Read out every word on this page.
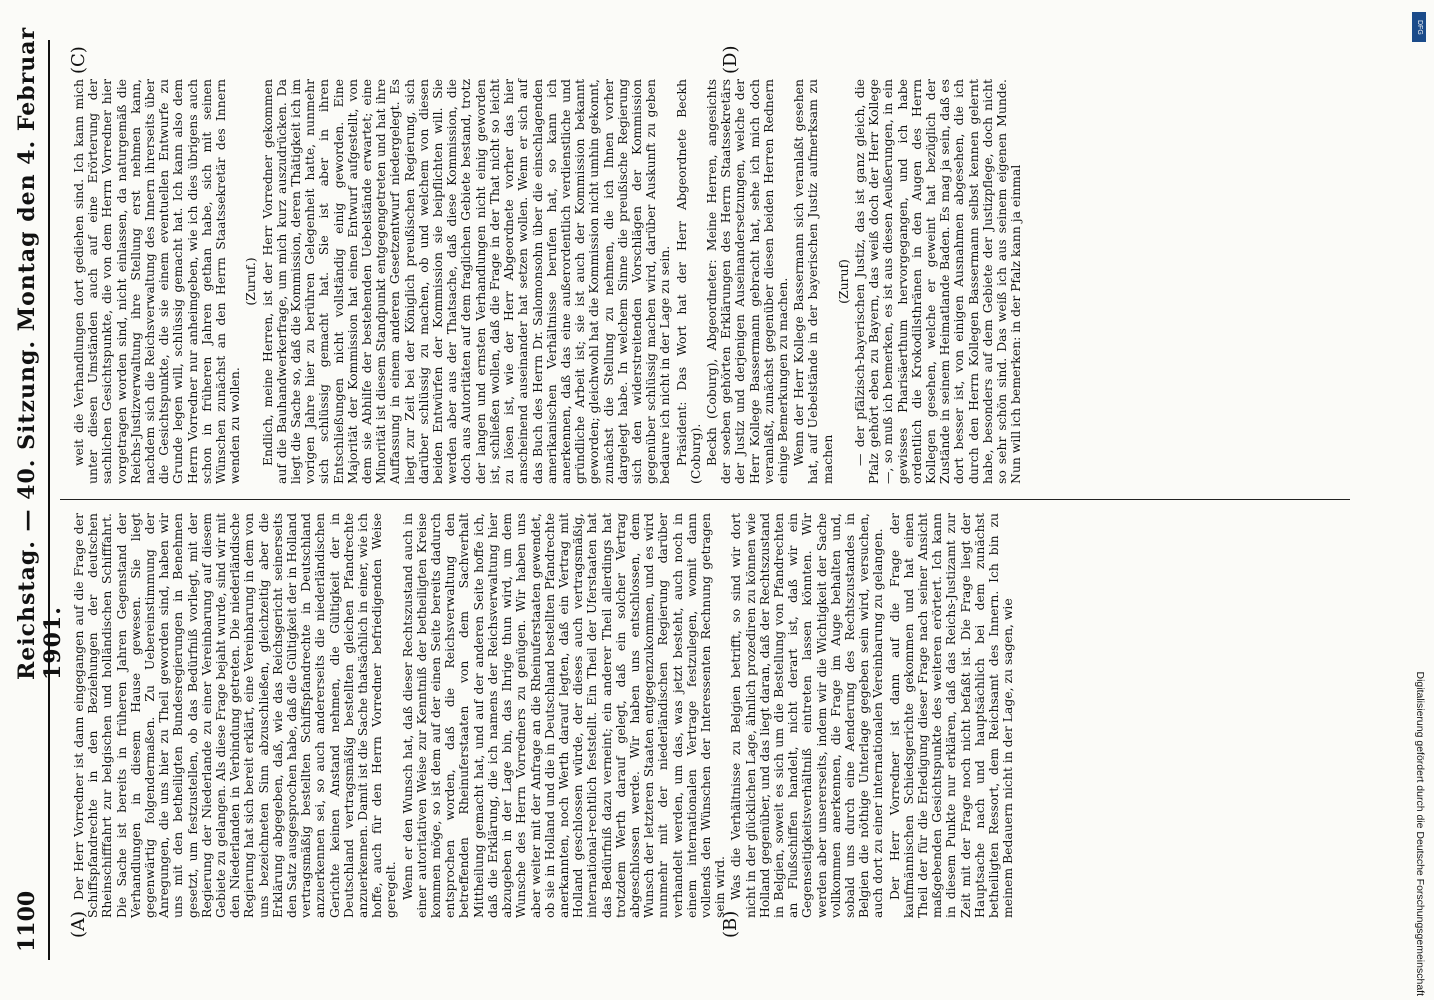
1100
Reichstag. — 40. Sitzung. Montag den 4. Februar 1901.
(A)	(B)
(C)	(D)

Der Herr Vorredner ist dann eingegangen auf die Frage der Schiffspfandrechte in den Beziehungen der deutschen Rheinschifffahrt zur belgischen und holländischen Schifffahrt. Die Sache ist bereits in früheren Jahren Gegenstand der Verhandlungen in diesem Hause gewesen. Sie liegt gegenwärtig folgendermaßen. Zu Uebereinstimmung der Anregungen, die uns hier zu Theil geworden sind, haben wir uns mit den betheiligten Bundesregierungen in Benehmen gesetzt, um festzustellen, ob das Bedürfniß vorliegt, mit der Regierung der Niederlande zu einer Vereinbarung auf diesem Gebiete zu gelangen. Als diese Frage bejaht wurde, sind wir mit den Niederlanden in Verbindung getreten. Die niederländische Regierung hat sich bereit erklärt, eine Vereinbarung in dem von uns bezeichneten Sinn abzuschließen, gleichzeitig aber die Erklärung abgegeben, daß, wie das Reichsgericht seinerseits den Satz ausgesprochen habe, daß die Gültigkeit der in Holland vertragsmäßig bestellten Schiffspfandrechte in Deutschland anzuerkennen sei, so auch andererseits die niederländischen Gerichte keinen Anstand nehmen, die Gültigkeit der in Deutschland vertragsmäßig bestellten gleichen Pfandrechte anzuerkennen. Damit ist die Sache thatsächlich in einer, wie ich hoffe, auch für den Herrn Vorredner befriedigenden Weise geregelt. Wenn er den Wunsch hat, daß dieser Rechtszustand auch in einer autoritativen Weise zur Kenntniß der betheiligten Kreise kommen möge, so ist dem auf der einen Seite bereits dadurch entsprochen worden, daß die Reichsverwaltung den betreffenden Rheinuferstaaten von dem Sachverhalt Mittheilung gemacht hat, und auf der anderen Seite hoffe ich, daß die Erklärung, die ich namens der Reichsverwaltung hier abzugeben in der Lage bin, das Ihrige thun wird, um dem Wunsche des Herrn Vorredners zu genügen. Wir haben uns aber weiter mit der Anfrage an die Rheinuferstaaten gewendet, ob sie in Holland und die in Deutschland bestellten Pfandrechte anerkannten, noch Werth darauf legten, daß ein Vertrag mit Holland geschlossen würde, der dieses auch vertragsmäßig, international-rechtlich feststellt. Ein Theil der Uferstaaten hat das Bedürfniß dazu verneint; ein anderer Theil allerdings hat trotzdem Werth darauf gelegt, daß ein solcher Vertrag abgeschlossen werde. Wir haben uns entschlossen, dem Wunsch der letzteren Staaten entgegenzukommen, und es wird nunmehr mit der niederländischen Regierung darüber verhandelt werden, um das, was jetzt besteht, auch noch in einem internationalen Vertrage festzulegen, womit dann vollends den Wünschen der Interessenten Rechnung getragen sein wird. Was die Verhältnisse zu Belgien betrifft, so sind wir dort nicht in der glücklichen Lage, ähnlich prozediren zu können wie Holland gegenüber, und das liegt daran, daß der Rechtszustand in Belgien, soweit es sich um die Bestellung von Pfandrechten an Flußschiffen handelt, nicht derart ist, daß wir ein Gegenseitigkeitsverhältniß eintreten lassen könnten. Wir werden aber unsererseits, indem wir die Wichtigkeit der Sache vollkommen anerkennen, die Frage im Auge behalten und, sobald uns durch eine Aenderung des Rechtszustandes in Belgien die nöthige Unterlage gegeben sein wird, versuchen, auch dort zu einer internationalen Vereinbarung zu gelangen. Der Herr Vorredner ist dann auf die Frage der kaufmännischen Schiedsgerichte gekommen und hat einen Theil der für die Erledigung dieser Frage nach seiner Ansicht maßgebenden Gesichtspunkte des weiteren erörtert. Ich kann in diesem Punkte nur erklären, daß das Reichs-Justizamt zur Zeit mit der Frage noch nicht befaßt ist. Die Frage liegt der Hauptsache nach und hauptsächlich bei dem zunächst betheiligten Ressort, dem Reichsamt des Innern. Ich bin zu meinem Bedauern nicht in der Lage, zu sagen, wie

weit die Verhandlungen dort gediehen sind. Ich kann mich unter diesen Umständen auch auf eine Erörterung der sachlichen Gesichtspunkte, die von dem Herrn Vorredner hier vorgetragen worden sind, nicht einlassen, da naturgemäß die Reichs-Justizverwaltung ihre Stellung erst nehmen kann, nachdem sich die Reichsverwaltung des Innern ihrerseits über die Gesichtspunkte, die sie einem eventuellen Entwurfe zu Grunde legen will, schlüssig gemacht hat. Ich kann also dem Herrn Vorredner nur anheimgeben, wie ich dies übrigens auch schon in früheren Jahren gethan habe, sich mit seinen Wünschen zunächst an den Herrn Staatssekretär des Innern wenden zu wollen.

(Zuruf.) Endlich, meine Herren, ist der Herr Vorredner gekommen auf die Bauhandwerkerfrage, um mich kurz auszudrücken. Da liegt die Sache so, daß die Kommission, deren Thätigkeit ich im vorigen Jahre hier zu berühren Gelegenheit hatte, nunmehr sich schlüssig gemacht hat. Sie ist aber in ihren Entschließungen nicht vollständig einig geworden. Eine Majorität der Kommission hat einen Entwurf aufgestellt, von dem sie Abhilfe der bestehenden Uebelstände erwartet; eine Minorität ist diesem Standpunkt entgegengetreten und hat ihre Auffassung in einem anderen Gesetzentwurf niedergelegt. Es liegt zur Zeit bei der Königlich preußischen Regierung, sich darüber schlüssig zu machen, ob und welchem von diesen beiden Entwürfen der Kommission sie beipflichten will. Sie werden aber aus der Thatsache, daß diese Kommission, die doch aus Autoritäten auf dem fraglichen Gebiete bestand, trotz der langen und ernsten Verhandlungen nicht einig geworden ist, schließen wollen, daß die Frage in der That nicht so leicht zu lösen ist, wie der Herr Abgeordnete vorher das hier anscheinend auseinander hat setzen wollen. Wenn er sich auf das Buch des Herrn Dr. Salomonsohn über die einschlagenden amerikanischen Verhältnisse berufen hat, so kann ich anerkennen, daß das eine außerordentlich verdienstliche und gründliche Arbeit ist; sie ist auch der Kommission bekannt geworden; gleichwohl hat die Kommission nicht umhin gekonnt, zunächst die Stellung zu nehmen, die ich Ihnen vorher dargelegt habe. In welchem Sinne die preußische Regierung sich den widerstreitenden Vorschlägen der Kommission gegenüber schlüssig machen wird, darüber Auskunft zu geben bedaure ich nicht in der Lage zu sein. Präsident: Das Wort hat der Herr Abgeordnete Beckh (Coburg). Beckh (Coburg), Abgeordneter: Meine Herren, angesichts der soeben gehörten Erklärungen des Herrn Staatssekretärs der Justiz und derjenigen Auseinandersetzungen, welche der Herr Kollege Bassermann gebracht hat, sehe ich mich doch veranlaßt, zunächst gegenüber diesen beiden Herren Rednern einige Bemerkungen zu machen. Wenn der Herr Kollege Bassermann sich veranlaßt gesehen hat, auf Uebelstände in der bayerischen Justiz aufmerksam zu machen

(Zuruf) — der pfälzisch-bayerischen Justiz, das ist ganz gleich, die Pfalz gehört eben zu Bayern, das weiß doch der Herr Kollege —, so muß ich bemerken, es ist aus diesen Aeußerungen, in ein gewisses Pharisäerthum hervorgegangen, und ich habe ordentlich die Krokodilsthränen in den Augen des Herrn Kollegen gesehen, welche er geweint hat bezüglich der Zustände in seinem Heimatlande Baden. Es mag ja sein, daß es dort besser ist, von einigen Ausnahmen abgesehen, die ich durch den Herrn Kollegen Bassermann selbst kennen gelernt habe, besonders auf dem Gebiete der Justizpflege, doch nicht so sehr schön sind. Das weiß ich aus seinem eigenen Munde. Nun will ich bemerken: in der Pfalz kann ja einmal

Digitalisierung gefördert durch die Deutsche Forschungsgemeinschaft
DFG
